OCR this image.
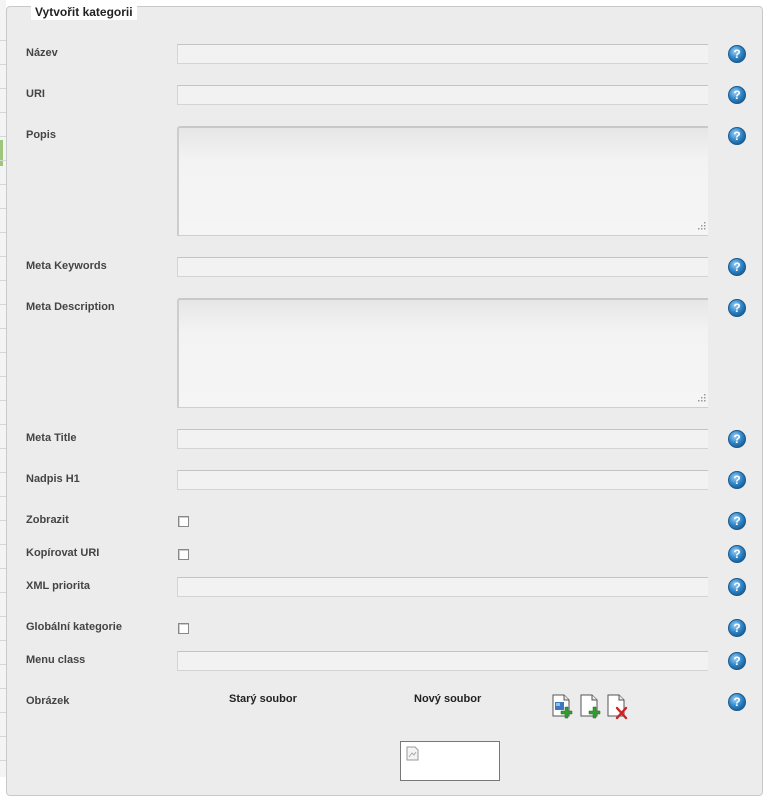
Vytvořit kategorii
Název	?
URI	?
Popis	?
Meta Keywords	?
Meta Description	?
Meta Title	?
Nadpis H1	?
Zobrazit	?
Kopírovat URI	?
XML priorita	?
Globální kategorie	?
Menu class	?
Obrázek	Starý soubor	Nový soubor	?
